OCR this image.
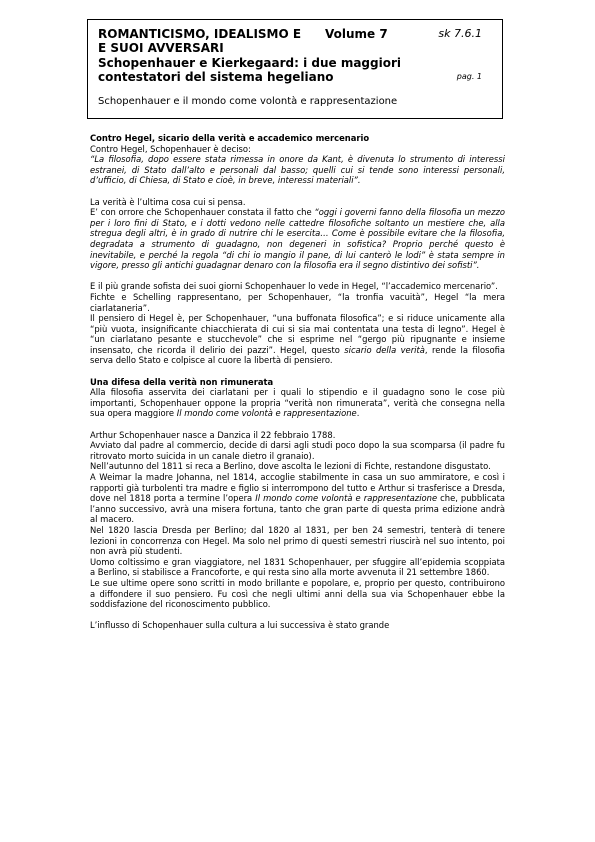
ROMANTICISMO, IDEALISMO E
E SUOI AVVERSARI
Volume 7	sk 7.6.1
Schopenhauer e Kierkegaard: i due maggiori contestatori del sistema hegeliano	pag. 1
Schopenhauer e il mondo come volontà e rappresentazione

Contro Hegel, sicario della verità e accademico mercenario

Contro Hegel, Schopenhauer è deciso:

“La filosofia, dopo essere stata rimessa in onore da Kant, è divenuta lo strumento di interessi estranei, di Stato dall’alto e personali dal basso; quelli cui si tende sono interessi personali, d’ufficio, di Chiesa, di Stato e cioè, in breve, interessi materiali”.

La verità è l’ultima cosa cui si pensa.

E’ con orrore che Schopenhauer constata il fatto che “oggi i governi fanno della filosofia un mezzo per i loro fini di Stato, e i dotti vedono nelle cattedre filosofiche soltanto un mestiere che, alla stregua degli altri, è in grado di nutrire chi le esercita… Come è possibile evitare che la filosofia, degradata a strumento di guadagno, non degeneri in sofistica? Proprio perché questo è inevitabile, e perché la regola “di chi io mangio il pane, di lui canterò le lodi” è stata sempre in vigore, presso gli antichi guadagnar denaro con la filosofia era il segno distintivo dei sofisti”.

E il più grande sofista dei suoi giorni Schopenhauer lo vede in Hegel, “l’accademico mercenario”.

Fichte e Schelling rappresentano, per Schopenhauer, “la tronfia vacuità”, Hegel “la mera ciarlataneria”.

Il pensiero di Hegel è, per Schopenhauer, “una buffonata filosofica”; e si riduce unicamente alla “più vuota, insignificante chiacchierata di cui si sia mai contentata una testa di legno”. Hegel è “un ciarlatano pesante e stucchevole” che si esprime nel “gergo più ripugnante e insieme insensato, che ricorda il delirio dei pazzi”. Hegel, questo sicario della verità, rende la filosofia serva dello Stato e colpisce al cuore la libertà di pensiero.

Una difesa della verità non rimunerata

Alla filosofia asservita dei ciarlatani per i quali lo stipendio e il guadagno sono le cose più importanti, Schopenhauer oppone la propria “verità non rimunerata”, verità che consegna nella sua opera maggiore Il mondo come volontà e rappresentazione.

Arthur Schopenhauer nasce a Danzica il 22 febbraio 1788.

Avviato dal padre al commercio, decide di darsi agli studi poco dopo la sua scomparsa (il padre fu ritrovato morto suicida in un canale dietro il granaio).

Nell’autunno del 1811 si reca a Berlino, dove ascolta le lezioni di Fichte, restandone disgustato.

A Weimar la madre Johanna, nel 1814, accoglie stabilmente in casa un suo ammiratore, e così i rapporti già turbolenti tra madre e figlio si interrompono del tutto e Arthur si trasferisce a Dresda, dove nel 1818 porta a termine l’opera Il mondo come volontà e rappresentazione che, pubblicata l’anno successivo, avrà una misera fortuna, tanto che gran parte di questa prima edizione andrà al macero.

Nel 1820 lascia Dresda per Berlino; dal 1820 al 1831, per ben 24 semestri, tenterà di tenere lezioni in concorrenza con Hegel. Ma solo nel primo di questi semestri riuscirà nel suo intento, poi non avrà più studenti.

Uomo coltissimo e gran viaggiatore, nel 1831 Schopenhauer, per sfuggire all’epidemia scoppiata a Berlino, si stabilisce a Francoforte, e qui resta sino alla morte avvenuta il 21 settembre 1860.

Le sue ultime opere sono scritti in modo brillante e popolare, e, proprio per questo, contribuirono a diffondere il suo pensiero. Fu così che negli ultimi anni della sua via Schopenhauer ebbe la soddisfazione del riconoscimento pubblico.

L’influsso di Schopenhauer sulla cultura a lui successiva è stato grande
